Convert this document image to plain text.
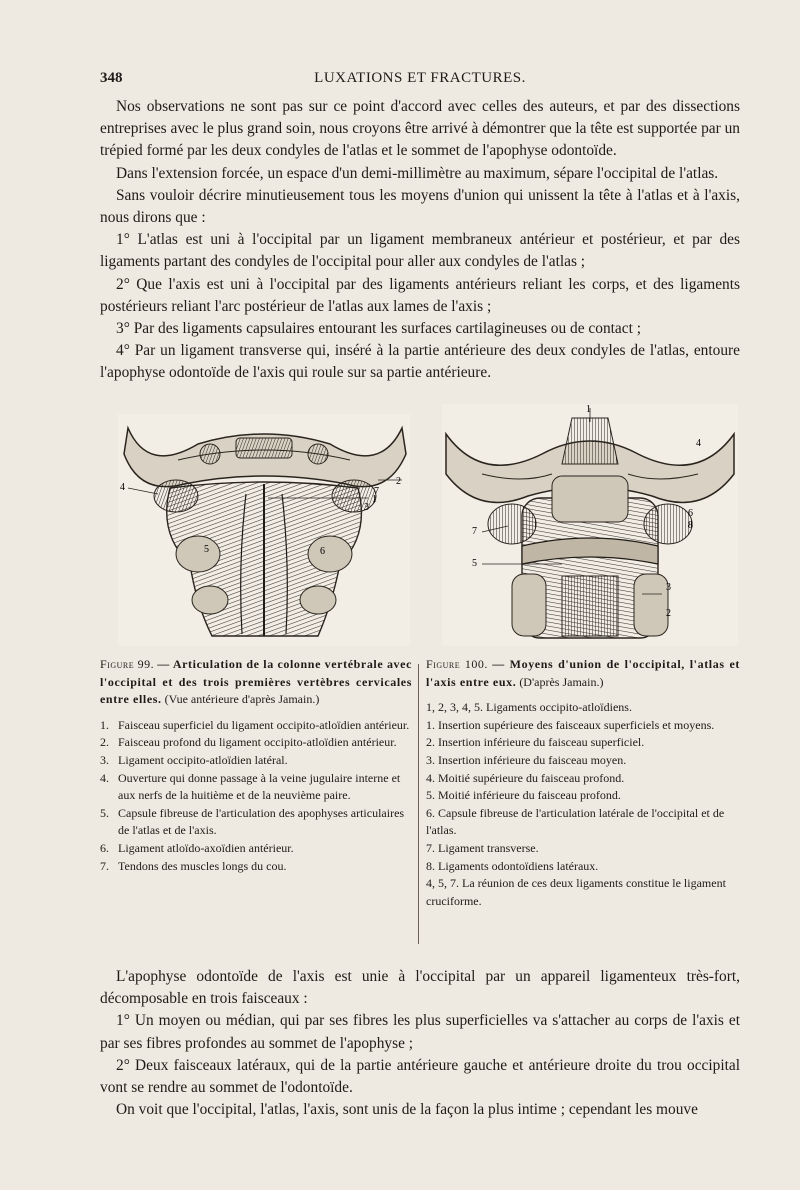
348	LUXATIONS ET FRACTURES.

Nos observations ne sont pas sur ce point d'accord avec celles des auteurs, et par des dissections entreprises avec le plus grand soin, nous croyons être arrivé à démontrer que la tête est supportée par un trépied formé par les deux condyles de l'atlas et le sommet de l'apophyse odontoïde.

Dans l'extension forcée, un espace d'un demi-millimètre au maximum, sépare l'occipital de l'atlas.

Sans vouloir décrire minutieusement tous les moyens d'union qui unissent la tête à l'atlas et à l'axis, nous dirons que :

1° L'atlas est uni à l'occipital par un ligament membraneux antérieur et postérieur, et par des ligaments partant des condyles de l'occipital pour aller aux condyles de l'atlas ;

2° Que l'axis est uni à l'occipital par des ligaments antérieurs reliant les corps, et des ligaments postérieurs reliant l'arc postérieur de l'atlas aux lames de l'axis ;

3° Par des ligaments capsulaires entourant les surfaces cartilagineuses ou de contact ;

4° Par un ligament transverse qui, inséré à la partie antérieure des deux condyles de l'atlas, entoure l'apophyse odontoïde de l'axis qui roule sur sa partie antérieure.

4
1
2
7
3
5	6
1
4
6
8
7
5
3
2

Figure 99. — Articulation de la colonne vertébrale avec l'occipital et des trois premières vertèbres cervicales entre elles. (Vue antérieure d'après Jamain.)

1. Faisceau superficiel du ligament occipito-atloïdien antérieur.
2. Faisceau profond du ligament occipito-atloïdien antérieur.
3. Ligament occipito-atloïdien latéral.
4. Ouverture qui donne passage à la veine jugulaire interne et aux nerfs de la huitième et de la neuvième paire.
5. Capsule fibreuse de l'articulation des apophyses articulaires de l'atlas et de l'axis.
6. Ligament atloïdo-axoïdien antérieur.
7. Tendons des muscles longs du cou.

Figure 100. — Moyens d'union de l'occipital, l'atlas et l'axis entre eux. (D'après Jamain.)

1, 2, 3, 4, 5. Ligaments occipito-atloïdiens.
1. Insertion supérieure des faisceaux superficiels et moyens.
2. Insertion inférieure du faisceau superficiel.
3. Insertion inférieure du faisceau moyen.
4. Moitié supérieure du faisceau profond.
5. Moitié inférieure du faisceau profond.
6. Capsule fibreuse de l'articulation latérale de l'occipital et de l'atlas.
7. Ligament transverse.
8. Ligaments odontoïdiens latéraux.
4, 5, 7. La réunion de ces deux ligaments constitue le ligament cruciforme.

L'apophyse odontoïde de l'axis est unie à l'occipital par un appareil ligamenteux très-fort, décomposable en trois faisceaux :

1° Un moyen ou médian, qui par ses fibres les plus superficielles va s'attacher au corps de l'axis et par ses fibres profondes au sommet de l'apophyse ;

2° Deux faisceaux latéraux, qui de la partie antérieure gauche et antérieure droite du trou occipital vont se rendre au sommet de l'odontoïde.

On voit que l'occipital, l'atlas, l'axis, sont unis de la façon la plus intime ; cependant les mouve
